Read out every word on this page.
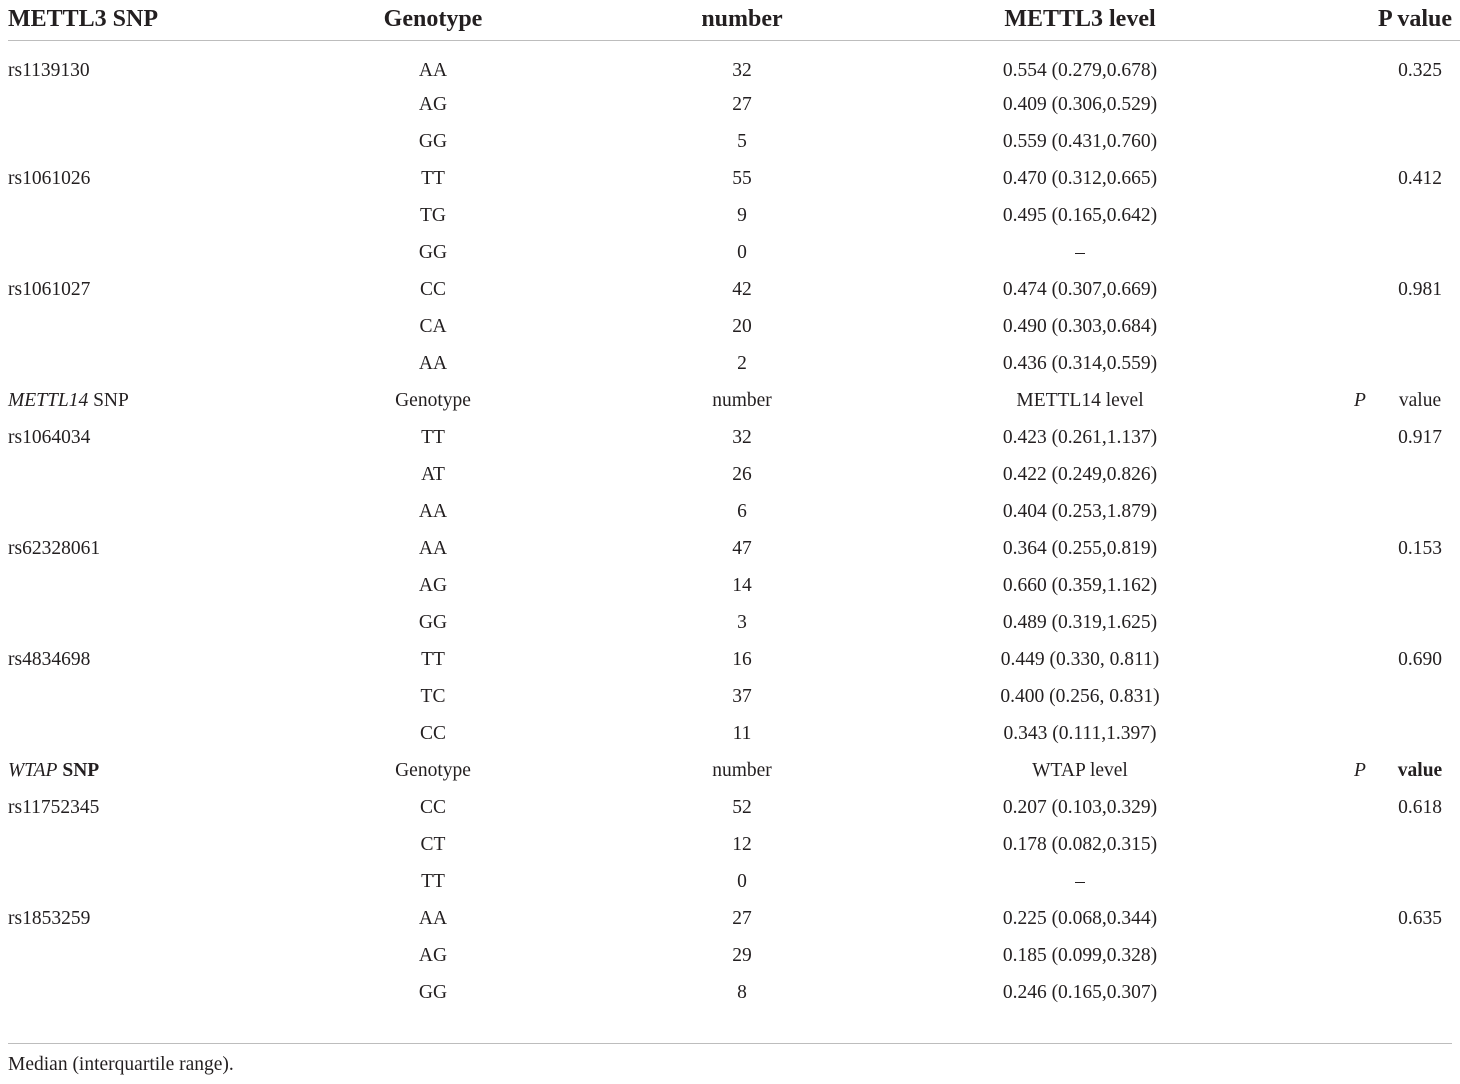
METTL3 SNP	Genotype	number	METTL3 level	P value
rs1139130	AA	32	0.554 (0.279,0.678)	0.325
	AG	27	0.409 (0.306,0.529)	
	GG	5	0.559 (0.431,0.760)	
rs1061026	TT	55	0.470 (0.312,0.665)	0.412
	TG	9	0.495 (0.165,0.642)	
	GG	0	–	
rs1061027	CC	42	0.474 (0.307,0.669)	0.981
	CA	20	0.490 (0.303,0.684)	
	AA	2	0.436 (0.314,0.559)	
METTL14 SNP	Genotype	number	METTL14 level	Pvalue
rs1064034	TT	32	0.423 (0.261,1.137)	0.917
	AT	26	0.422 (0.249,0.826)	
	AA	6	0.404 (0.253,1.879)	
rs62328061	AA	47	0.364 (0.255,0.819)	0.153
	AG	14	0.660 (0.359,1.162)	
	GG	3	0.489 (0.319,1.625)	
rs4834698	TT	16	0.449 (0.330, 0.811)	0.690
	TC	37	0.400 (0.256, 0.831)	
	CC	11	0.343 (0.111,1.397)	
WTAP SNP	Genotype	number	WTAP level	Pvalue
rs11752345	CC	52	0.207 (0.103,0.329)	0.618
	CT	12	0.178 (0.082,0.315)	
	TT	0	–	
rs1853259	AA	27	0.225 (0.068,0.344)	0.635
	AG	29	0.185 (0.099,0.328)	
	GG	8	0.246 (0.165,0.307)	
Median (interquartile range).
